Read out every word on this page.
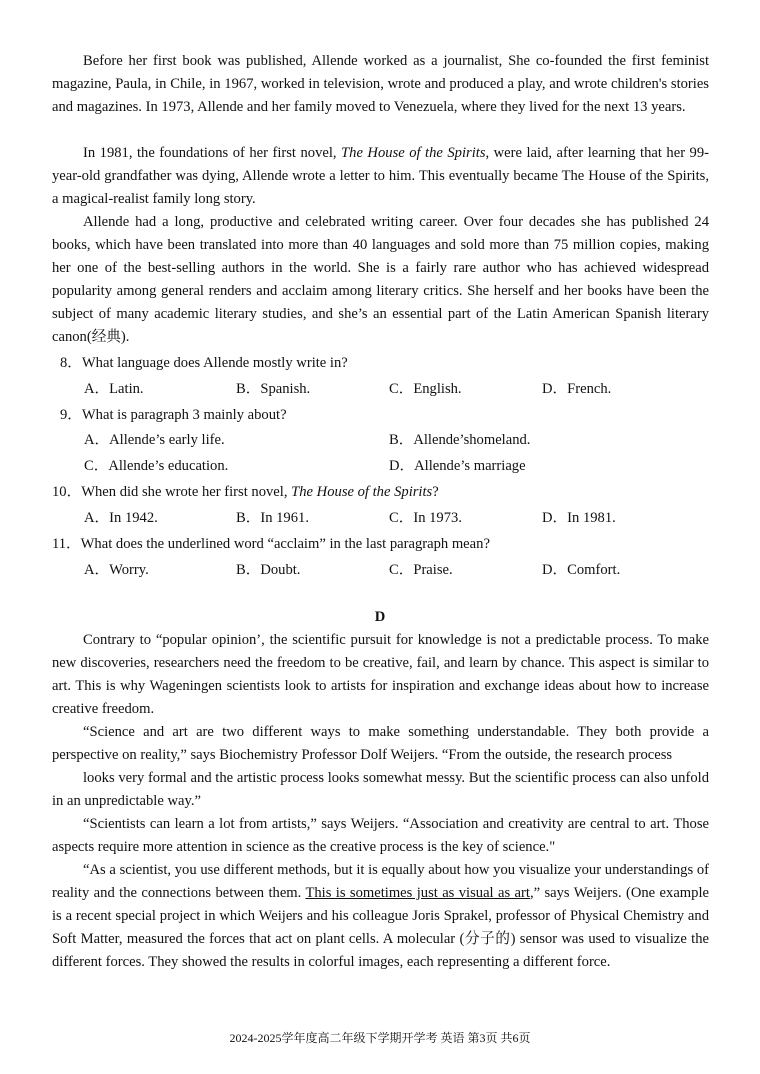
Before her first book was published, Allende worked as a journalist, She co-founded the first feminist magazine, Paula, in Chile, in 1967, worked in television, wrote and produced a play, and wrote children's stories and magazines. In 1973, Allende and her family moved to Venezuela, where they lived for the next 13 years.

In 1981, the foundations of her first novel, The House of the Spirits, were laid, after learning that her 99-year-old grandfather was dying, Allende wrote a letter to him. This eventually became The House of the Spirits, a magical-realist family long story.

Allende had a long, productive and celebrated writing career. Over four decades she has published 24 books, which have been translated into more than 40 languages and sold more than 75 million copies, making her one of the best-selling authors in the world. She is a fairly rare author who has achieved widespread popularity among general renders and acclaim among literary critics. She herself and her books have been the subject of many academic literary studies, and she’s an essential part of the Latin American Spanish literary canon(经典).

8．What language does Allende mostly write in?
A．Latin.	B．Spanish.	C．English.	D．French.
9．What is paragraph 3 mainly about?
A．Allende’s early life.	B．Allende’shomeland.
C．Allende’s education.	D．Allende’s marriage
10．When did she wrote her first novel, The House of the Spirits?
A．In 1942.	B．In 1961.	C．In 1973.	D．In 1981.
11．What does the underlined word “acclaim” in the last paragraph mean?
A．Worry.	B．Doubt.	C．Praise.	D．Comfort.
D

Contrary to “popular opinion’, the scientific pursuit for knowledge is not a predictable process. To make new discoveries, researchers need the freedom to be creative, fail, and learn by chance. This aspect is similar to art. This is why Wageningen scientists look to artists for inspiration and exchange ideas about how to increase creative freedom.

“Science and art are two different ways to make something understandable. They both provide a perspective on reality,” says Biochemistry Professor Dolf Weijers. “From the outside, the research process

looks very formal and the artistic process looks somewhat messy. But the scientific process can also unfold in an unpredictable way.”

“Scientists can learn a lot from artists,” says Weijers. “Association and creativity are central to art. Those aspects require more attention in science as the creative process is the key of science."

“As a scientist, you use different methods, but it is equally about how you visualize your understandings of reality and the connections between them. This is sometimes just as visual as art,” says Weijers. (One example is a recent special project in which Weijers and his colleague Joris Sprakel, professor of Physical Chemistry and Soft Matter, measured the forces that act on plant cells. A molecular (分子的) sensor was used to visualize the different forces. They showed the results in colorful images, each representing a different force.

2024-2025学年度高二年级下学期开学考 英语 第3页 共6页
